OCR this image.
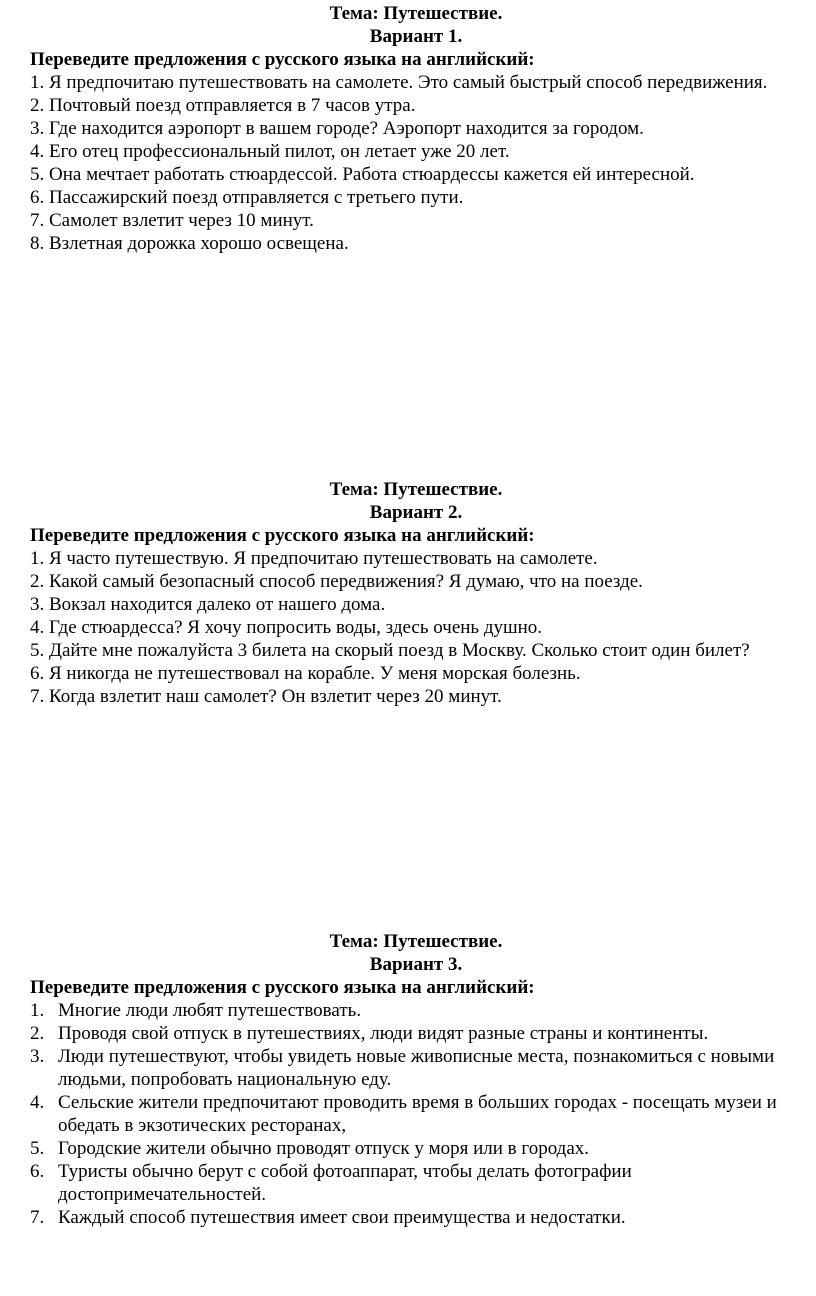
Тема: Путешествие.

Вариант 1.

Переведите предложения с русского языка на английский:

1. Я предпочитаю путешествовать на самолете. Это самый быстрый способ передвижения.
2. Почтовый поезд отправляется в 7 часов утра.
3. Где находится аэропорт в вашем городе? Аэропорт находится за городом.
4. Его отец профессиональный пилот, он летает уже 20 лет.
5. Она мечтает работать стюардессой. Работа стюардессы кажется ей интересной.
6. Пассажирский поезд отправляется с третьего пути.
7. Самолет взлетит через 10 минут.
8. Взлетная дорожка хорошо освещена.

Тема: Путешествие.

Вариант 2.

Переведите предложения с русского языка на английский:

1. Я часто путешествую. Я предпочитаю путешествовать на самолете.
2. Какой самый безопасный способ передвижения? Я думаю, что на поезде.
3. Вокзал находится далеко от нашего дома.
4. Где стюардесса? Я хочу попросить воды, здесь очень душно.
5. Дайте мне пожалуйста 3 билета на скорый поезд в Москву. Сколько стоит один билет?
6. Я никогда не путешествовал на корабле. У меня морская болезнь.
7. Когда взлетит наш самолет? Он взлетит через 20 минут.

Тема: Путешествие.

Вариант 3.

Переведите предложения с русского языка на английский:

1. Многие люди любят путешествовать.
2. Проводя свой отпуск в путешествиях, люди видят разные страны и континенты.
3. Люди путешествуют, чтобы увидеть новые живописные места, познакомиться с новыми людьми, попробовать национальную еду.
4. Сельские жители предпочитают проводить время в больших городах - посещать музеи и обедать в экзотических ресторанах,
5. Городские жители обычно проводят отпуск у моря или в городах.
6. Туристы обычно берут с собой фотоаппарат, чтобы делать фотографии достопримечательностей.
7. Каждый способ путешествия имеет свои преимущества и недостатки.
